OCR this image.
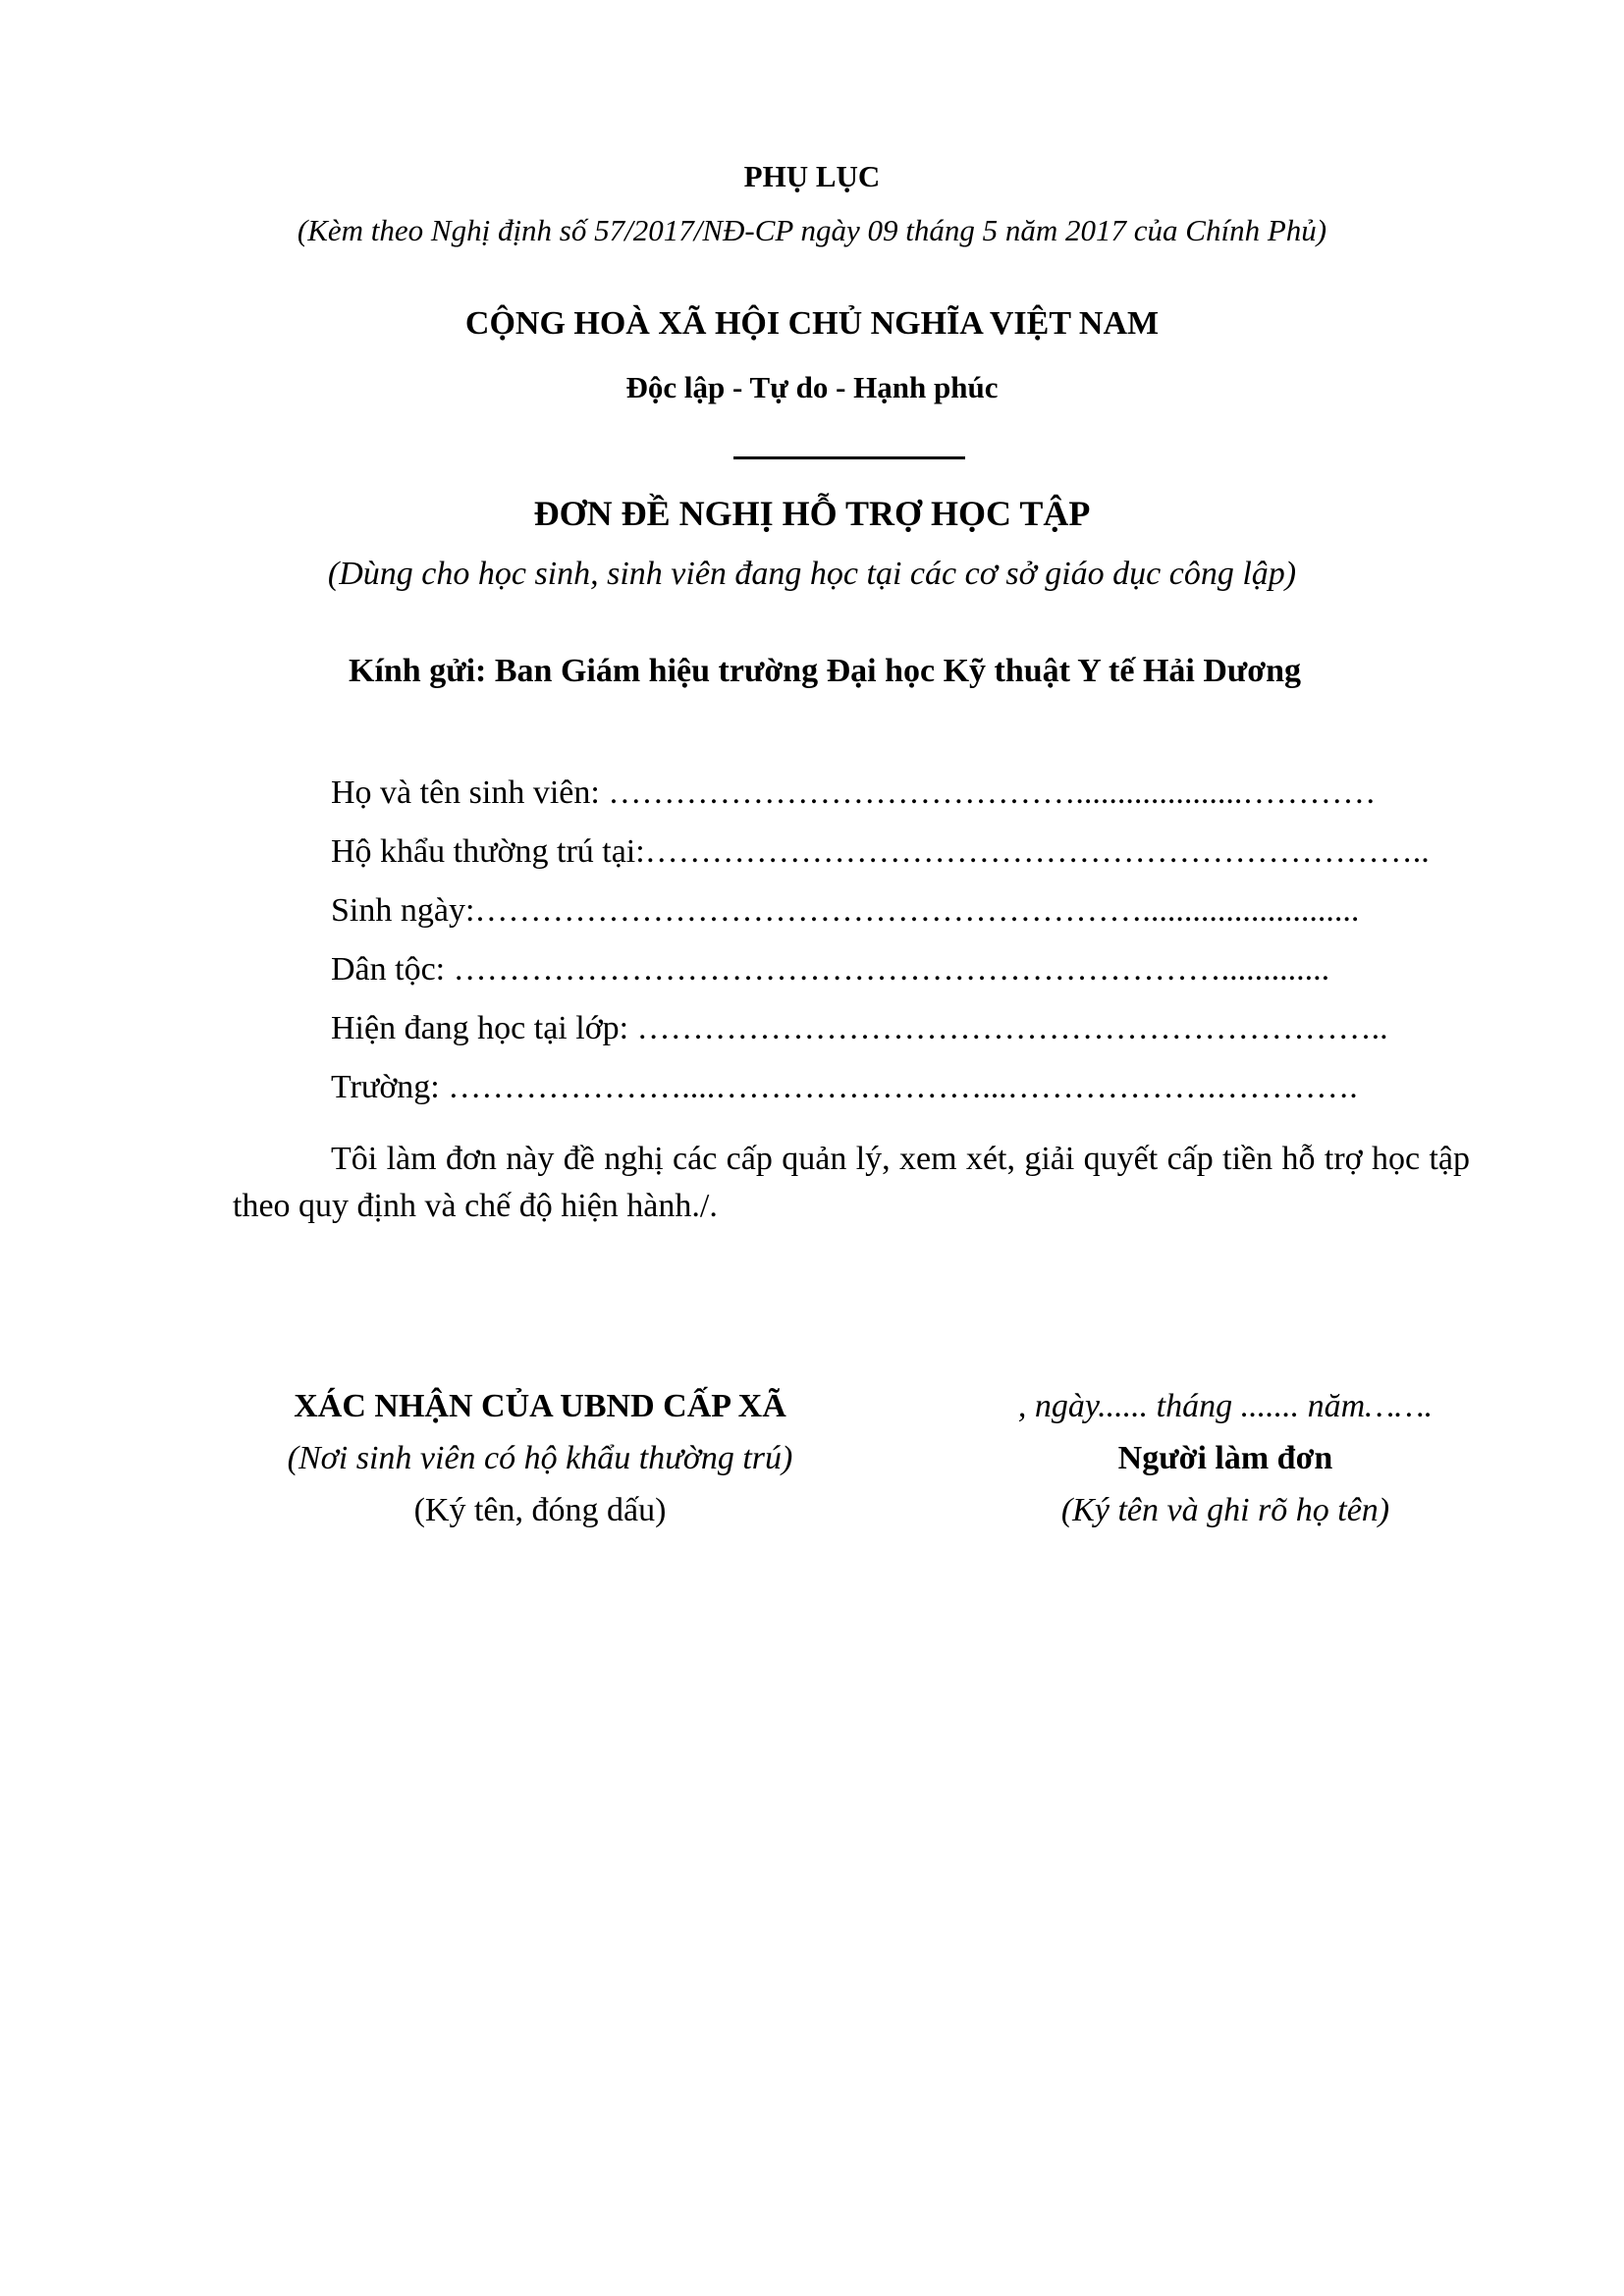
PHỤ LỤC
(Kèm theo Nghị định số 57/2017/NĐ-CP ngày 09 tháng 5 năm 2017 của Chính Phủ)
CỘNG HOÀ XÃ HỘI CHỦ NGHĨA VIỆT NAM
Độc lập - Tự do - Hạnh phúc
ĐƠN ĐỀ NGHỊ HỖ TRỢ HỌC TẬP
(Dùng cho học sinh, sinh viên đang học tại các cơ sở giáo dục công lập)
Kính gửi: Ban Giám hiệu trường Đại học Kỹ thuật Y tế Hải Dương
Họ và tên sinh viên: ……………………………………....................…………
Hộ khẩu thường trú tại:……………………………………………………………..
Sinh ngày:……………………………………………………..........................
Dân tộc: …………………………………………………………….............
Hiện đang học tại lớp: …………………………………………………………..
Trường: …………………....……………………...……………….………….
Tôi làm đơn này đề nghị các cấp quản lý, xem xét, giải quyết cấp tiền hỗ trợ học tập theo quy định và chế độ hiện hành./.
XÁC NHẬN CỦA UBND CẤP XÃ
(Nơi sinh viên có hộ khẩu thường trú)
(Ký tên, đóng dấu)
, ngày...... tháng ....... năm…….
Người làm đơn
(Ký tên và ghi rõ họ tên)
